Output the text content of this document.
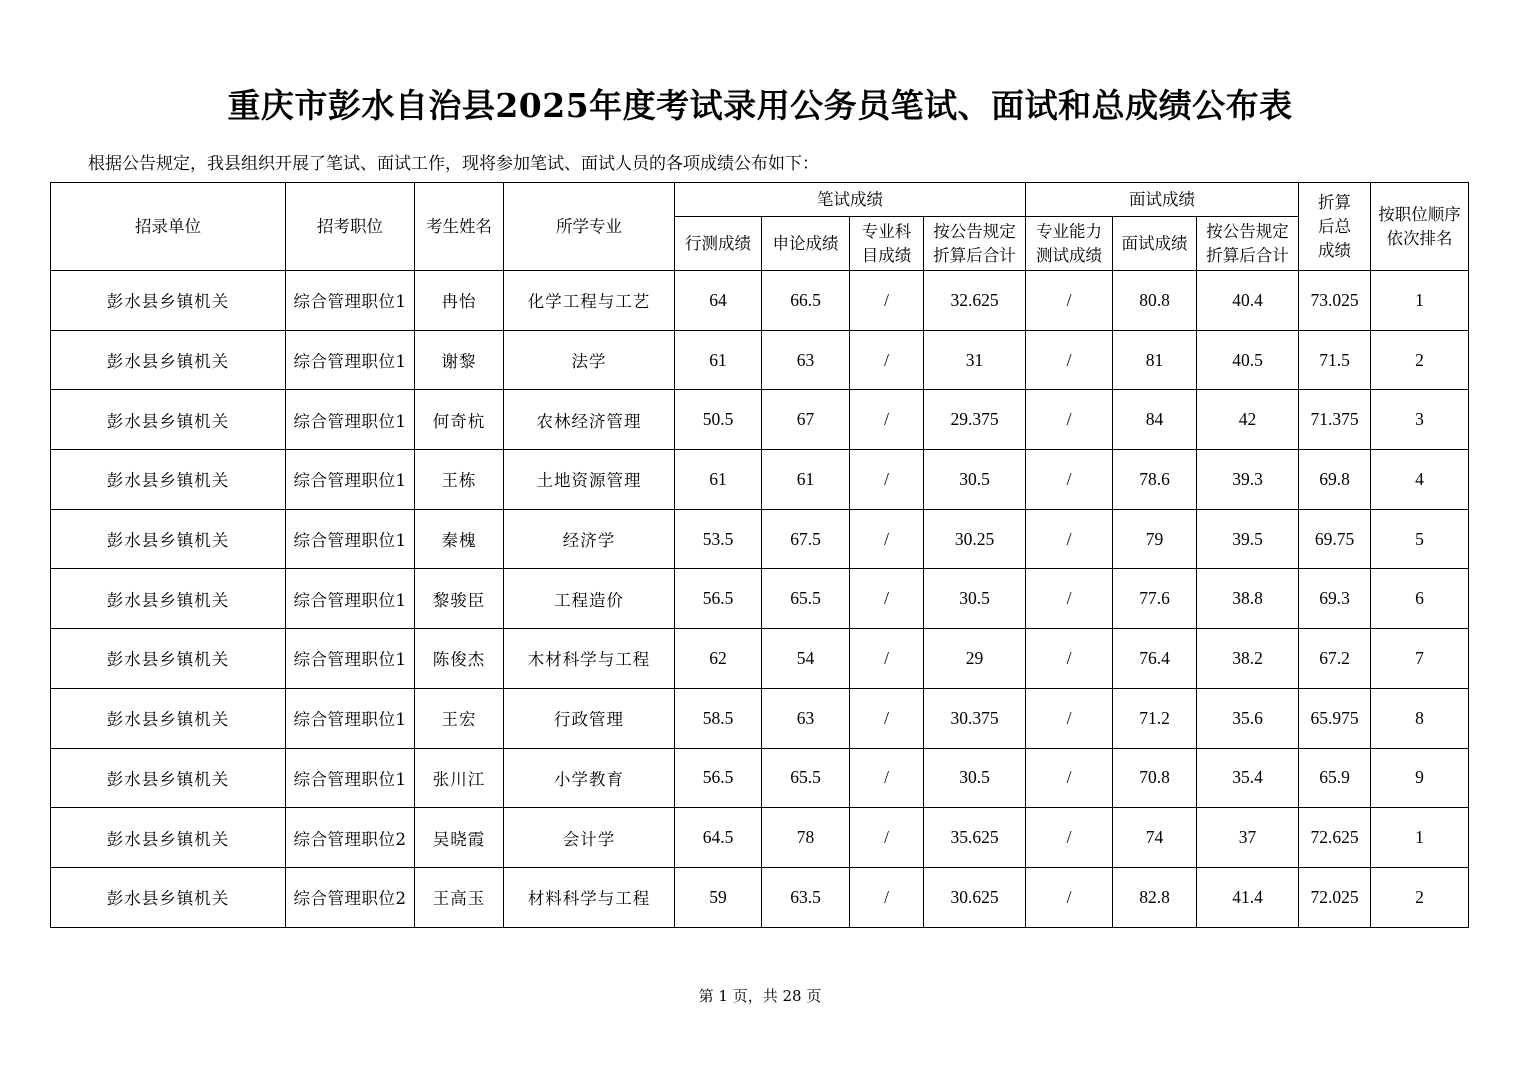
重庆市彭水自治县2025年度考试录用公务员笔试、面试和总成绩公布表
根据公告规定，我县组织开展了笔试、面试工作，现将参加笔试、面试人员的各项成绩公布如下：
招录单位	招考职位	考生姓名	所学专业	笔试成绩				面试成绩			折算后总成绩	按职位顺序依次排名
				行测成绩	申论成绩	专业科目成绩	按公告规定折算后合计	专业能力测试成绩	面试成绩	按公告规定折算后合计		
彭水县乡镇机关	综合管理职位1	冉怡	化学工程与工艺	64	66.5	/	32.625	/	80.8	40.4	73.025	1
彭水县乡镇机关	综合管理职位1	谢黎	法学	61	63	/	31	/	81	40.5	71.5	2
彭水县乡镇机关	综合管理职位1	何奇杭	农林经济管理	50.5	67	/	29.375	/	84	42	71.375	3
彭水县乡镇机关	综合管理职位1	王栋	土地资源管理	61	61	/	30.5	/	78.6	39.3	69.8	4
彭水县乡镇机关	综合管理职位1	秦槐	经济学	53.5	67.5	/	30.25	/	79	39.5	69.75	5
彭水县乡镇机关	综合管理职位1	黎骏臣	工程造价	56.5	65.5	/	30.5	/	77.6	38.8	69.3	6
彭水县乡镇机关	综合管理职位1	陈俊杰	木材科学与工程	62	54	/	29	/	76.4	38.2	67.2	7
彭水县乡镇机关	综合管理职位1	王宏	行政管理	58.5	63	/	30.375	/	71.2	35.6	65.975	8
彭水县乡镇机关	综合管理职位1	张川江	小学教育	56.5	65.5	/	30.5	/	70.8	35.4	65.9	9
彭水县乡镇机关	综合管理职位2	吴晓霞	会计学	64.5	78	/	35.625	/	74	37	72.625	1
彭水县乡镇机关	综合管理职位2	王高玉	材料科学与工程	59	63.5	/	30.625	/	82.8	41.4	72.025	2
第 1 页，共 28 页
